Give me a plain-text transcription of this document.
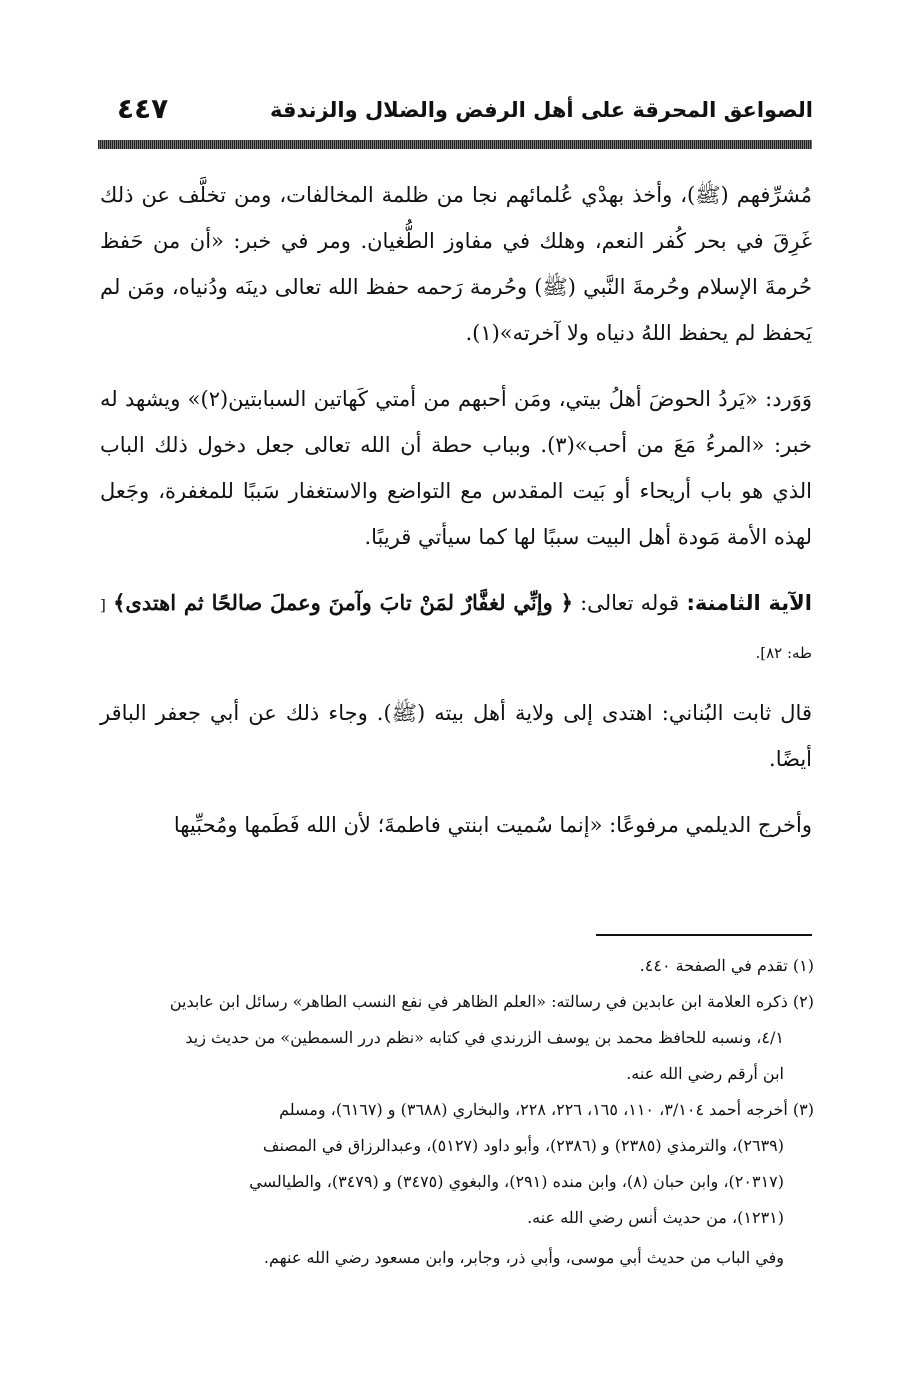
الصواعق المحرقة على أهل الرفض والضلال والزندقة
٤٤٧

مُشرِّفهم (ﷺ)، وأخذ بهدْي عُلمائهم نجا من ظلمة المخالفات، ومن تخلَّف عن ذلك غَرِقَ في بحر كُفر النعم، وهلك في مفاوز الطُّغيان. ومر في خبر: «أن من حَفظ حُرمةَ الإسلام وحُرمةَ النَّبي (ﷺ) وحُرمة رَحمه حفظ الله تعالى دينَه ودُنياه، ومَن لم يَحفظ لم يحفظ اللهُ دنياه ولا آخرته»(١).

وَوَرد: «يَردُ الحوضَ أهلُ بيتي، ومَن أحبهم من أمتي كَهاتين السبابتين(٢)» ويشهد له خبر: «المرءُ مَعَ من أحب»(٣). وبباب حطة أن الله تعالى جعل دخول ذلك الباب الذي هو باب أريحاء أو بَيت المقدس مع التواضع والاستغفار سَببًا للمغفرة، وجَعل لهذه الأمة مَودة أهل البيت سببًا لها كما سيأتي قريبًا.

الآية الثامنة: قوله تعالى: ﴿ وإنِّي لغفَّارٌ لمَنْ تابَ وآمنَ وعملَ صالحًا ثم اهتدى﴾ [ طه: ٨٢].

قال ثابت البُناني: اهتدى إلى ولاية أهل بيته (ﷺ). وجاء ذلك عن أبي جعفر الباقر أيضًا.

وأخرج الديلمي مرفوعًا: «إنما سُميت ابنتي فاطمةَ؛ لأن الله فَطَمها ومُحبِّيها

(١) تقدم في الصفحة ٤٤٠.

(٢) ذكره العلامة ابن عابدين في رسالته: «العلم الظاهر في نفع النسب الطاهر» رسائل ابن عابدين

٤/١، ونسبه للحافظ محمد بن يوسف الزرندي في كتابه «نظم درر السمطين» من حديث زيد

ابن أرقم رضي الله عنه.

(٣) أخرجه أحمد ٣/١٠٤، ١١٠، ١٦٥، ٢٢٦، ٢٢٨، والبخاري (٣٦٨٨) و (٦١٦٧)، ومسلم

(٢٦٣٩)، والترمذي (٢٣٨٥) و (٢٣٨٦)، وأبو داود (٥١٢٧)، وعبدالرزاق في المصنف

(٢٠٣١٧)، وابن حبان (٨)، وابن منده (٢٩١)، والبغوي (٣٤٧٥) و (٣٤٧٩)، والطيالسي

(١٢٣١)، من حديث أنس رضي الله عنه.

وفي الباب من حديث أبي موسى، وأبي ذر، وجابر، وابن مسعود رضي الله عنهم.
